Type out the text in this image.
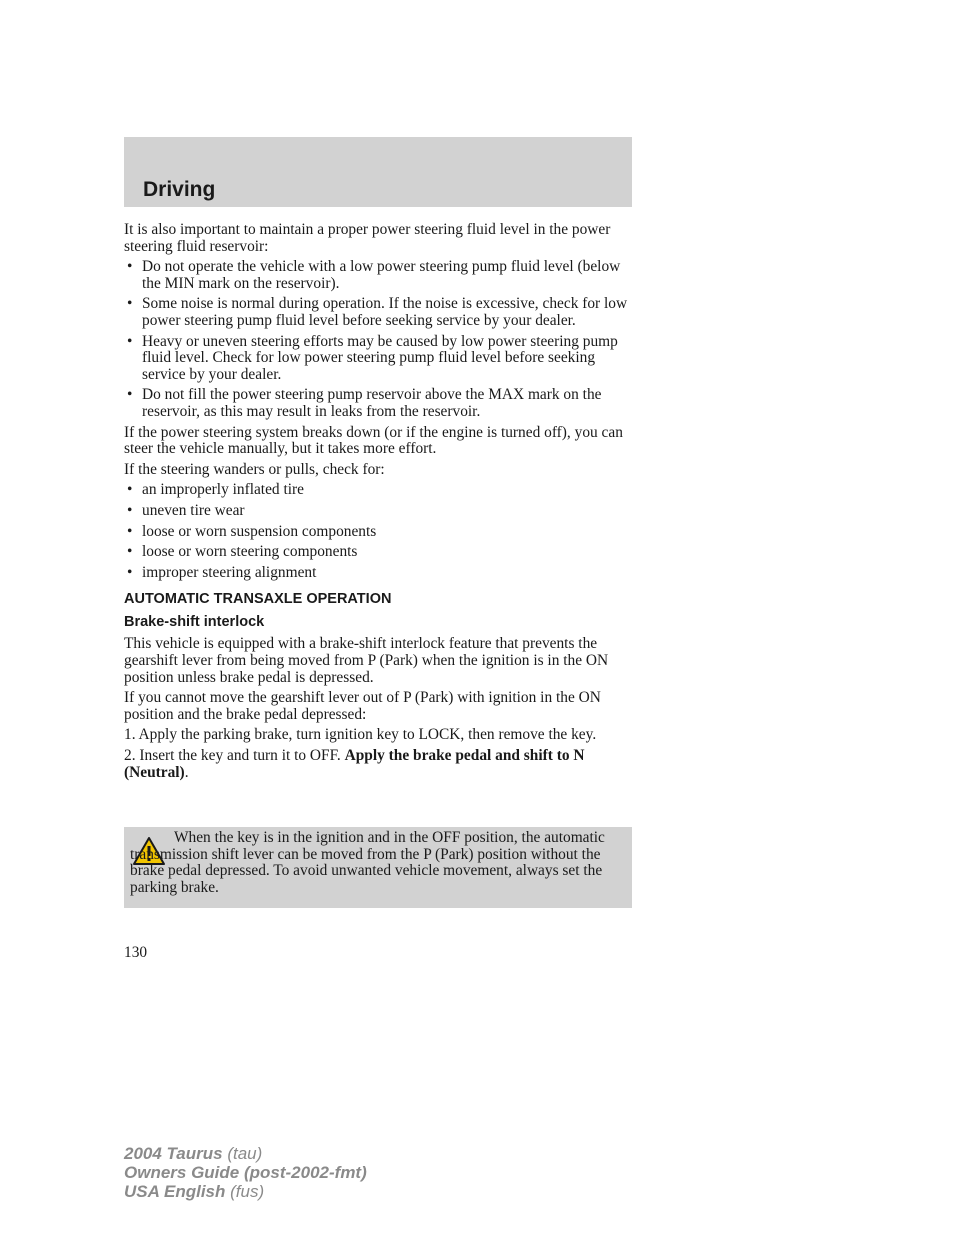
Driving

It is also important to maintain a proper power steering fluid level in the power steering fluid reservoir:

• Do not operate the vehicle with a low power steering pump fluid level (below the MIN mark on the reservoir).
• Some noise is normal during operation. If the noise is excessive, check for low power steering pump fluid level before seeking service by your dealer.
• Heavy or uneven steering efforts may be caused by low power steering pump fluid level. Check for low power steering pump fluid level before seeking service by your dealer.
• Do not fill the power steering pump reservoir above the MAX mark on the reservoir, as this may result in leaks from the reservoir.

If the power steering system breaks down (or if the engine is turned off), you can steer the vehicle manually, but it takes more effort.

If the steering wanders or pulls, check for:

• an improperly inflated tire
• uneven tire wear
• loose or worn suspension components
• loose or worn steering components
• improper steering alignment
AUTOMATIC TRANSAXLE OPERATION
Brake-shift interlock

This vehicle is equipped with a brake-shift interlock feature that prevents the gearshift lever from being moved from P (Park) when the ignition is in the ON position unless brake pedal is depressed.

If you cannot move the gearshift lever out of P (Park) with ignition in the ON position and the brake pedal depressed:

1. Apply the parking brake, turn ignition key to LOCK, then remove the key.

2. Insert the key and turn it to OFF. Apply the brake pedal and shift to N (Neutral).

When the key is in the ignition and in the OFF position, the automatic transmission shift lever can be moved from the P (Park) position without the brake pedal depressed. To avoid unwanted vehicle movement, always set the parking brake.
130
2004 Taurus (tau)
Owners Guide (post-2002-fmt)
USA English (fus)
